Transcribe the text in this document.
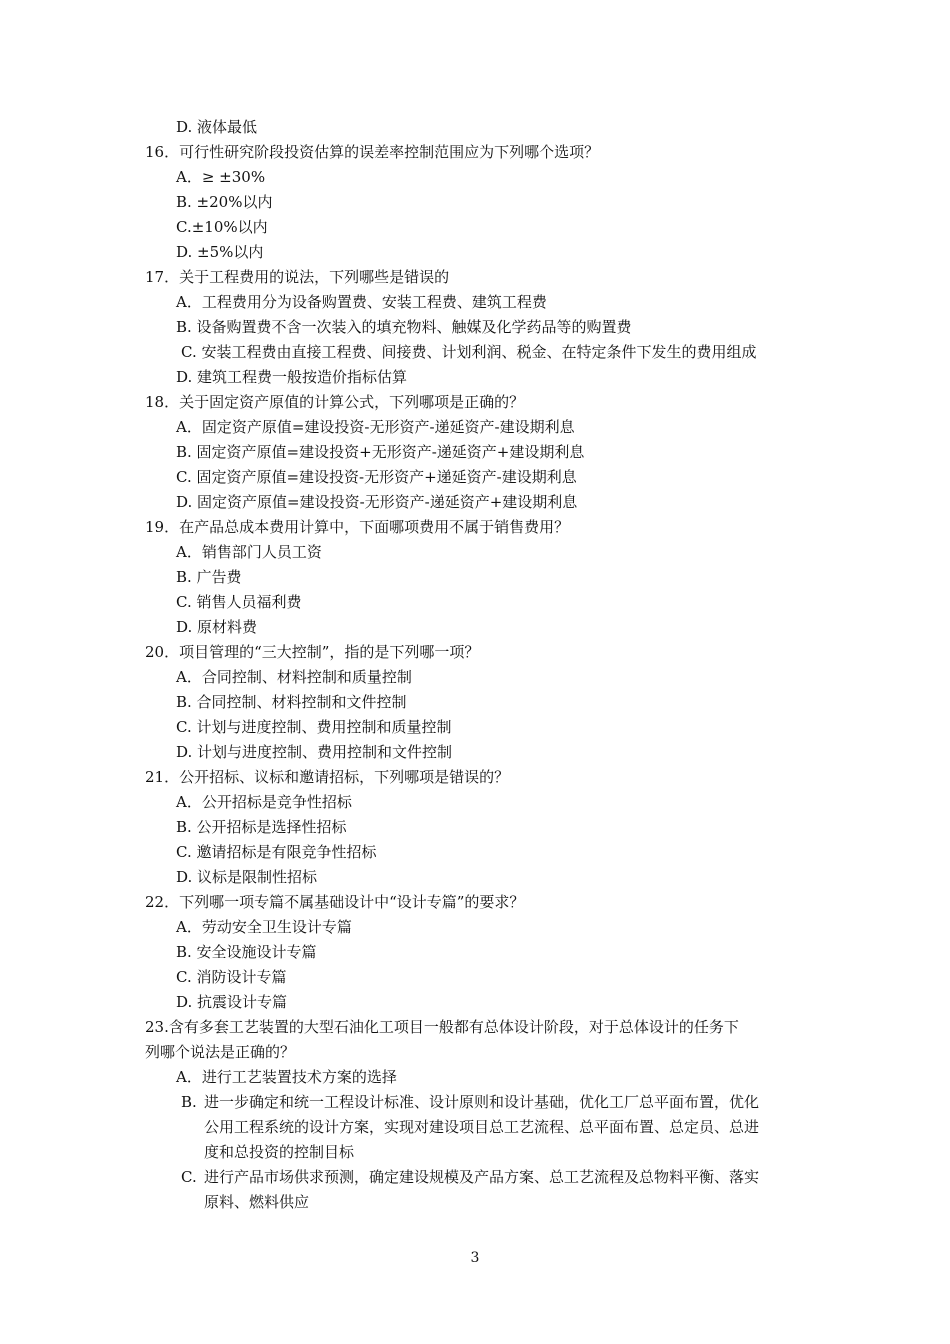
D. 液体最低
16．可行性研究阶段投资估算的误差率控制范围应为下列哪个选项？
A．≥ ±30%
B. ±20%以内
C.±10%以内
D. ±5%以内
17．关于工程费用的说法，下列哪些是错误的
A．工程费用分为设备购置费、安装工程费、建筑工程费
B. 设备购置费不含一次装入的填充物料、触媒及化学药品等的购置费
C. 安装工程费由直接工程费、间接费、计划利润、税金、在特定条件下发生的费用组成
D. 建筑工程费一般按造价指标估算
18．关于固定资产原值的计算公式，下列哪项是正确的？
A．固定资产原值=建设投资-无形资产-递延资产-建设期利息
B. 固定资产原值=建设投资+无形资产-递延资产+建设期利息
C. 固定资产原值=建设投资-无形资产+递延资产-建设期利息
D. 固定资产原值=建设投资-无形资产-递延资产+建设期利息
19．在产品总成本费用计算中，下面哪项费用不属于销售费用？
A．销售部门人员工资
B. 广告费
C. 销售人员福利费
D. 原材料费
20．项目管理的“三大控制”，指的是下列哪一项？
A．合同控制、材料控制和质量控制
B. 合同控制、材料控制和文件控制
C. 计划与进度控制、费用控制和质量控制
D. 计划与进度控制、费用控制和文件控制
21．公开招标、议标和邀请招标，下列哪项是错误的？
A．公开招标是竞争性招标
B. 公开招标是选择性招标
C. 邀请招标是有限竞争性招标
D. 议标是限制性招标
22．下列哪一项专篇不属基础设计中“设计专篇”的要求？
A．劳动安全卫生设计专篇
B. 安全设施设计专篇
C. 消防设计专篇
D. 抗震设计专篇
23.含有多套工艺装置的大型石油化工项目一般都有总体设计阶段，对于总体设计的任务下
列哪个说法是正确的？
A．进行工艺装置技术方案的选择
B. 进一步确定和统一工程设计标准、设计原则和设计基础，优化工厂总平面布置，优化
公用工程系统的设计方案，实现对建设项目总工艺流程、总平面布置、总定员、总进
度和总投资的控制目标
C. 进行产品市场供求预测，确定建设规模及产品方案、总工艺流程及总物料平衡、落实
原料、燃料供应
3
